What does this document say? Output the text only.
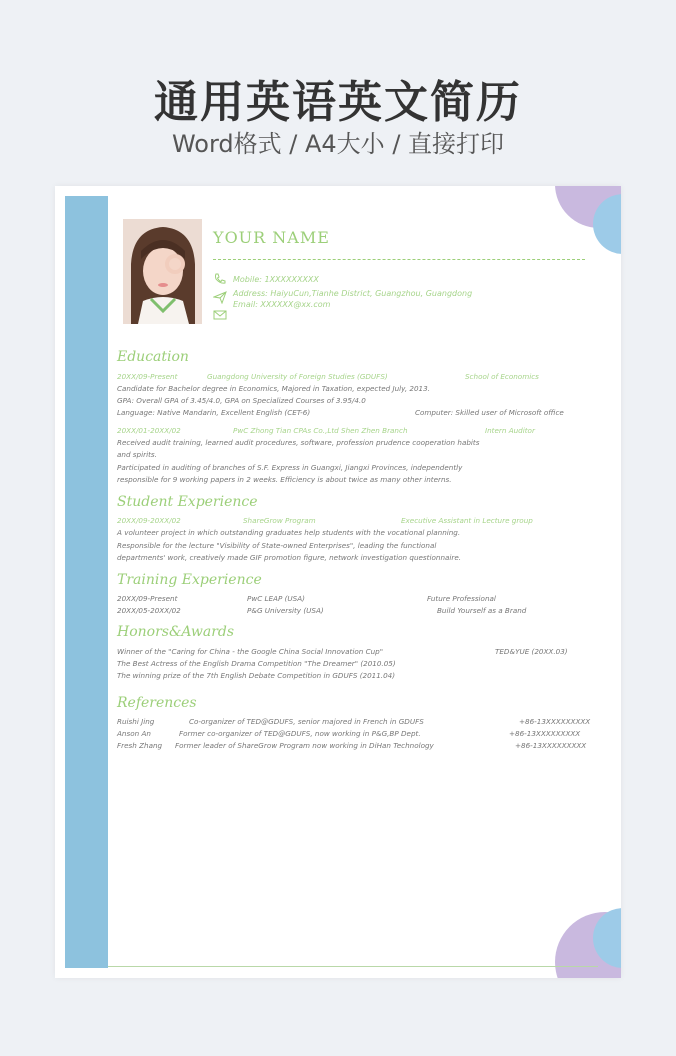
通用英语英文简历
Word格式 / A4大小 / 直接打印
YOUR NAME
Mobile: 1XXXXXXXXX
Address: HaiyuCun,Tianhe District, Guangzhou, Guangdong
Email: XXXXXX@xx.com
Education
20XX/09-Present	Guangdong University of Foreign Studies (GDUFS)	School of Economics
Candidate for Bachelor degree in Economics, Majored in Taxation, expected July, 2013.
GPA: Overall GPA of 3.45/4.0, GPA on Specialized Courses of 3.95/4.0
Language: Native Mandarin, Excellent English (CET-6)	Computer: Skilled user of Microsoft office
20XX/01-20XX/02	PwC Zhong Tian CPAs Co.,Ltd Shen Zhen Branch	Intern Auditor
Received audit training, learned audit procedures, software, profession prudence cooperation habits
and spirits.
Participated in auditing of branches of S.F. Express in Guangxi, Jiangxi Provinces, independently
responsible for 9 working papers in 2 weeks. Efficiency is about twice as many other interns.
Student Experience
20XX/09-20XX/02	ShareGrow Program	Executive Assistant in Lecture group
A volunteer project in which outstanding graduates help students with the vocational planning.
Responsible for the lecture "Visibility of State-owned Enterprises", leading the functional
departments' work, creatively made GIF promotion figure, network investigation questionnaire.
Training Experience
20XX/09-Present	PwC LEAP (USA)	Future Professional
20XX/05-20XX/02	P&G University (USA)	Build Yourself as a Brand
Honors&Awards
Winner of the "Caring for China - the Google China Social Innovation Cup"	TED&YUE (20XX.03)
The Best Actress of the English Drama Competition "The Dreamer" (2010.05)
The winning prize of the 7th English Debate Competition in GDUFS (2011.04)
References
Ruishi Jing	Co-organizer of TED@GDUFS, senior majored in French in GDUFS	+86-13XXXXXXXXX
Anson An	Former co-organizer of TED@GDUFS, now working in P&G,BP Dept.	+86-13XXXXXXXXX
Fresh Zhang Former leader of ShareGrow Program now working in DiHan Technology	+86-13XXXXXXXXX
